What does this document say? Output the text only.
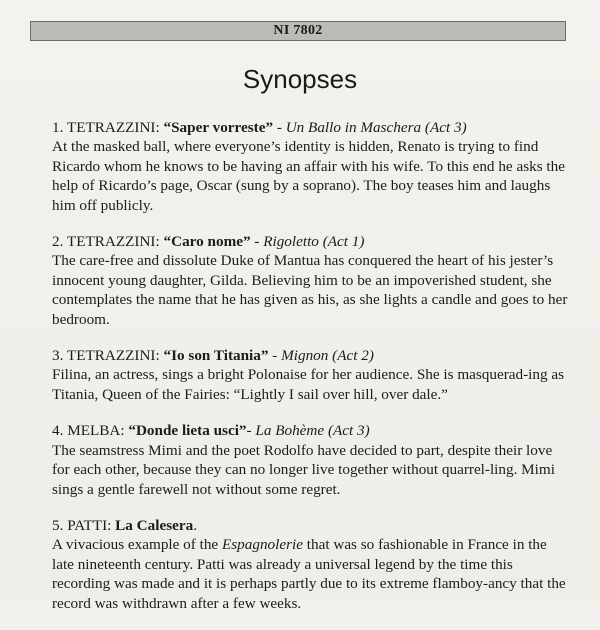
NI 7802
Synopses
1. TETRAZZINI: “Saper vorreste” - Un Ballo in Maschera (Act 3)
At the masked ball, where everyone’s identity is hidden, Renato is trying to find Ricardo whom he knows to be having an affair with his wife. To this end he asks the help of Ricardo’s page, Oscar (sung by a soprano). The boy teases him and laughs him off publicly.
2. TETRAZZINI: “Caro nome” - Rigoletto (Act 1)
The care-free and dissolute Duke of Mantua has conquered the heart of his jester’s innocent young daughter, Gilda. Believing him to be an impoverished student, she contemplates the name that he has given as his, as she lights a candle and goes to her bedroom.
3. TETRAZZINI: “Io son Titania” - Mignon (Act 2)
Filina, an actress, sings a bright Polonaise for her audience. She is masquerad-ing as Titania, Queen of the Fairies: “Lightly I sail over hill, over dale.”
4. MELBA: “Donde lieta usci”- La Bohème (Act 3)
The seamstress Mimi and the poet Rodolfo have decided to part, despite their love for each other, because they can no longer live together without quarrel-ling. Mimi sings a gentle farewell not without some regret.
5. PATTI: La Calesera.
A vivacious example of the Espagnolerie that was so fashionable in France in the late nineteenth century. Patti was already a universal legend by the time this recording was made and it is perhaps partly due to its extreme flamboy-ancy that the record was withdrawn after a few weeks.
